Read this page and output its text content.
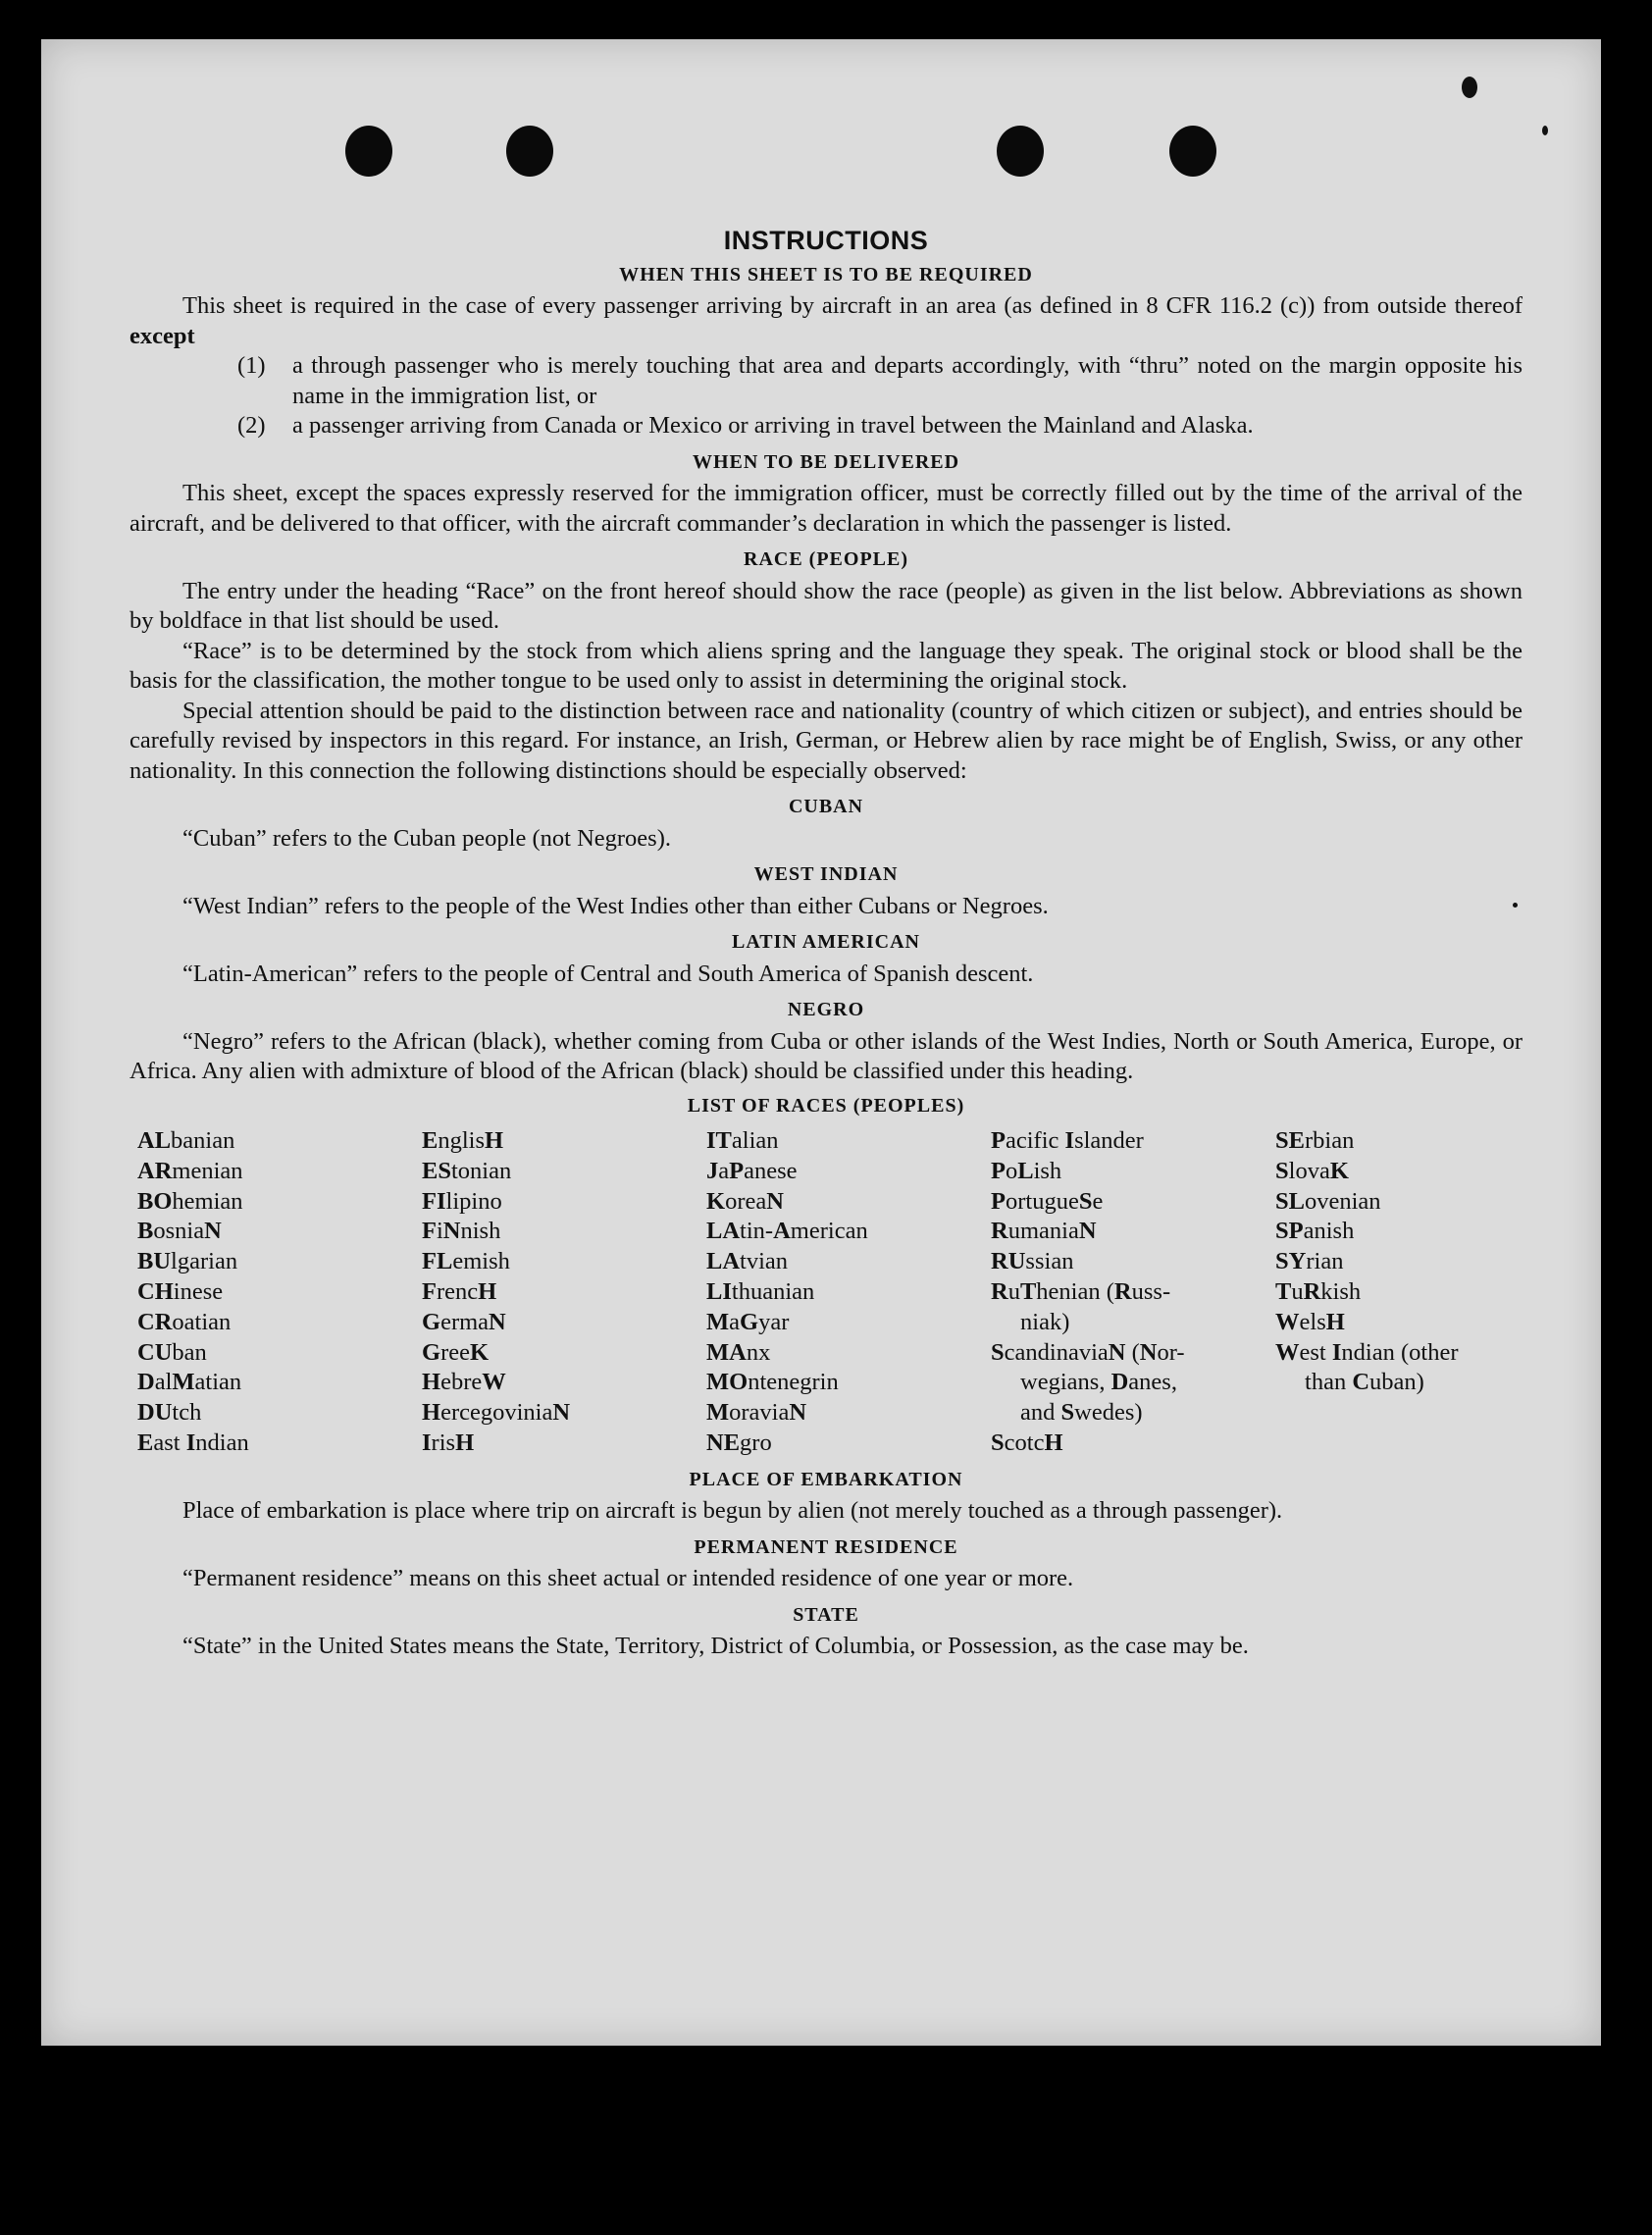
INSTRUCTIONS
WHEN THIS SHEET IS TO BE REQUIRED

This sheet is required in the case of every passenger arriving by aircraft in an area (as defined in 8 CFR 116.2 (c)) from outside thereof except

(1)	a through passenger who is merely touching that area and departs accordingly, with “thru” noted on the margin opposite his name in the immigration list, or
(2)	a passenger arriving from Canada or Mexico or arriving in travel between the Mainland and Alaska.
WHEN TO BE DELIVERED

This sheet, except the spaces expressly reserved for the immigration officer, must be correctly filled out by the time of the arrival of the aircraft, and be delivered to that officer, with the aircraft commander’s declaration in which the passenger is listed.

RACE (PEOPLE)

The entry under the heading “Race” on the front hereof should show the race (people) as given in the list below. Abbreviations as shown by boldface in that list should be used.

“Race” is to be determined by the stock from which aliens spring and the language they speak. The original stock or blood shall be the basis for the classification, the mother tongue to be used only to assist in determining the original stock.

Special attention should be paid to the distinction between race and nationality (country of which citizen or subject), and entries should be carefully revised by inspectors in this regard. For instance, an Irish, German, or Hebrew alien by race might be of English, Swiss, or any other nationality. In this connection the following distinctions should be especially observed:

CUBAN

“Cuban” refers to the Cuban people (not Negroes).

WEST INDIAN

“West Indian” refers to the people of the West Indies other than either Cubans or Negroes.

LATIN AMERICAN

“Latin-American” refers to the people of Central and South America of Spanish descent.

NEGRO

“Negro” refers to the African (black), whether coming from Cuba or other islands of the West Indies, North or South America, Europe, or Africa. Any alien with admixture of blood of the African (black) should be classified under this heading.

LIST OF RACES (PEOPLES)
ALbanian
ARmenian
BOhemian
BosniaN
BUlgarian
CHinese
CRoatian
CUban
DalMatian
DUtch
East Indian
EnglisH
EStonian
FIlipino
FiNnish
FLemish
FrencH
GermaN
GreeK
HebreW
HercegovinіaN
IrisH
ITalian
JaPanese
KoreaN
LAtin-American
LAtvian
LIthuanian
MaGyar
MAnx
MOntenegrin
MoraviaN
NEgro
Pacific Islander
PoLish
PortugueSe
RumaniaN
RUssian
RuThenian (Russ-
niak)
ScandinaviaN (Nor-
wegians, Danes,
and Swedes)
ScotcH
SErbian
SlovaK
SLovenian
SPanish
SYrian
TuRkish
WelsH
West Indian (other
than Cuban)
PLACE OF EMBARKATION

Place of embarkation is place where trip on aircraft is begun by alien (not merely touched as a through passenger).

PERMANENT RESIDENCE

“Permanent residence” means on this sheet actual or intended residence of one year or more.

STATE

“State” in the United States means the State, Territory, District of Columbia, or Possession, as the case may be.
